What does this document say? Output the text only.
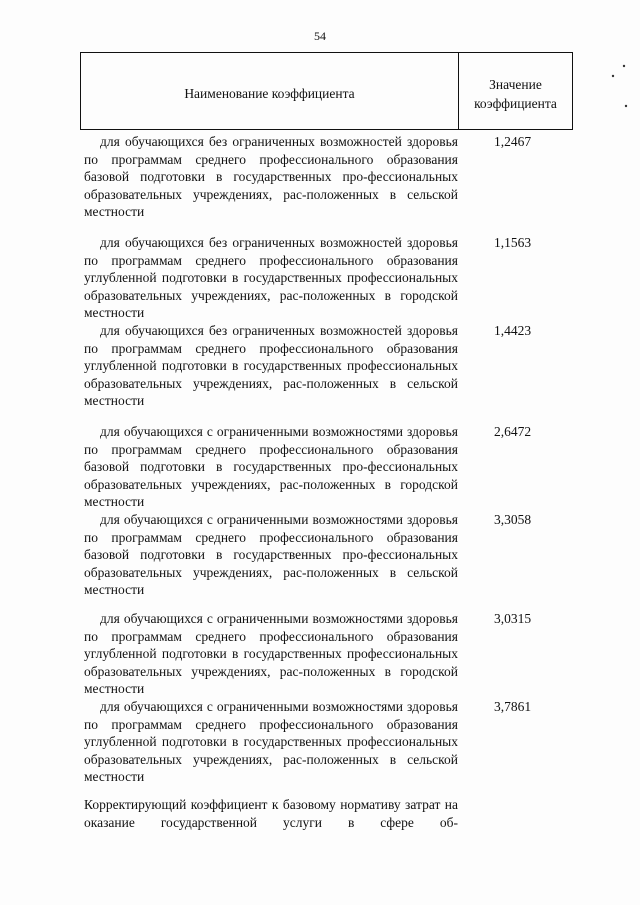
54
Наименование коэффициента
Значение коэффициента
для обучающихся без ограниченных возможностей здоровья по программам среднего профессионального образования базовой подготовки в государственных про-фессиональных образовательных учреждениях, рас-положенных в сельской местности
1,2467
для обучающихся без ограниченных возможностей здоровья по программам среднего профессионального образования углубленной подготовки в государственных профессиональных образовательных учреждениях, рас-положенных в городской местности
1,1563
для обучающихся без ограниченных возможностей здоровья по программам среднего профессионального образования углубленной подготовки в государственных профессиональных образовательных учреждениях, рас-положенных в сельской местности
1,4423
для обучающихся с ограниченными возможностями здоровья по программам среднего профессионального образования базовой подготовки в государственных про-фессиональных образовательных учреждениях, рас-положенных в городской местности
2,6472
для обучающихся с ограниченными возможностями здоровья по программам среднего профессионального образования базовой подготовки в государственных про-фессиональных образовательных учреждениях, рас-положенных в сельской местности
3,3058
для обучающихся с ограниченными возможностями здоровья по программам среднего профессионального образования углубленной подготовки в государственных профессиональных образовательных учреждениях, рас-положенных в городской местности
3,0315
для обучающихся с ограниченными возможностями здоровья по программам среднего профессионального образования углубленной подготовки в государственных профессиональных образовательных учреждениях, рас-положенных в сельской местности
3,7861
Корректирующий коэффициент к базовому нормативу затрат на оказание государственной услуги в сфере об-
